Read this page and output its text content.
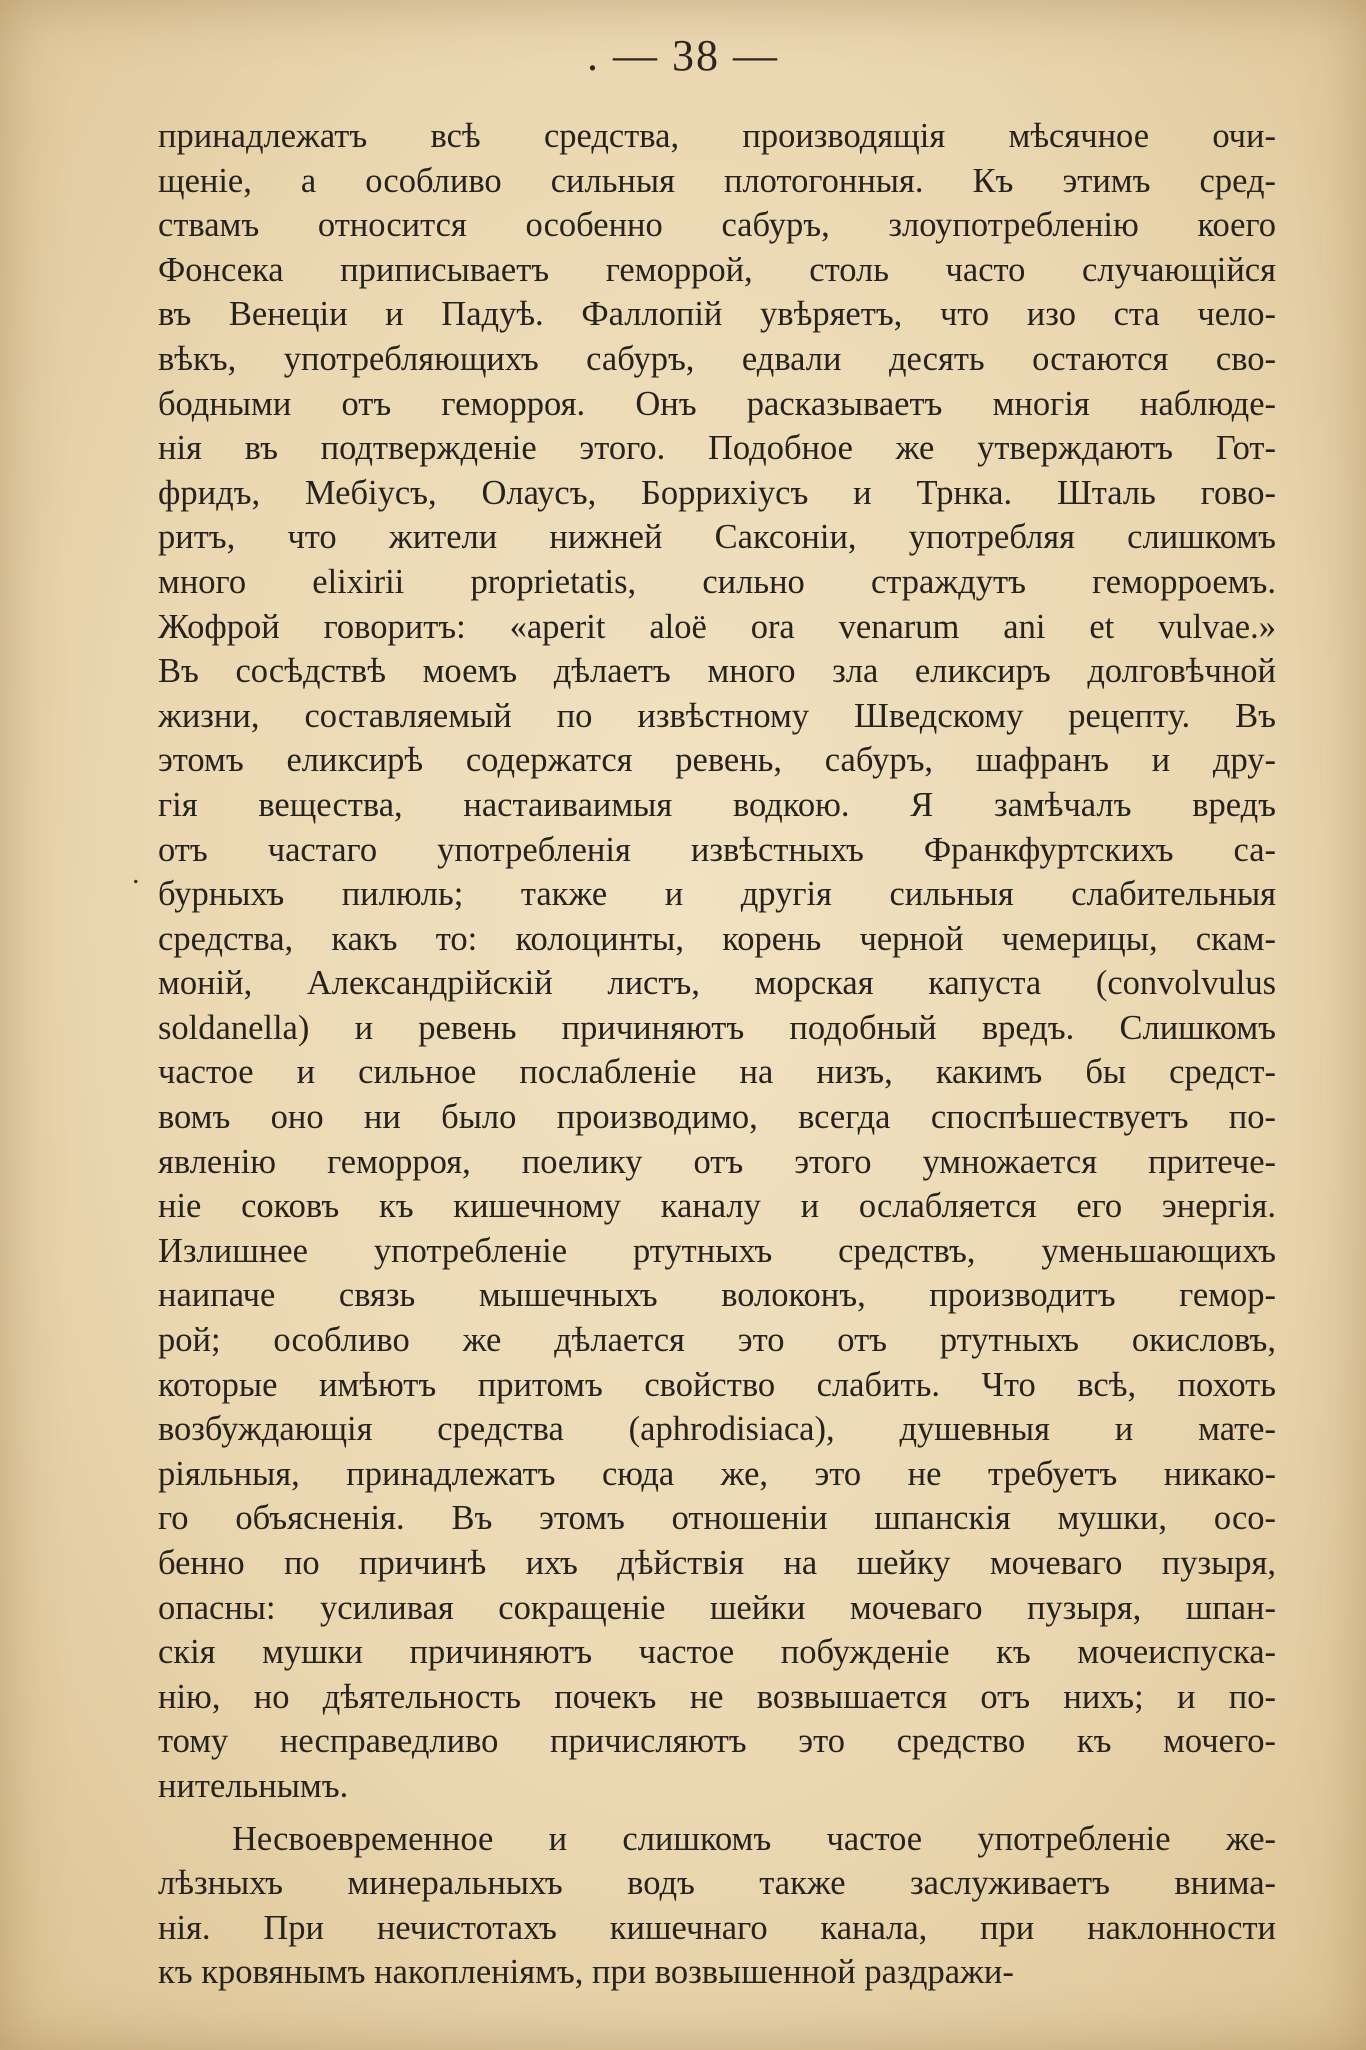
. — 38 —
.
принадлежатъ всѣ средства, производящія мѣсячное очи-
щеніе, а особливо сильныя плотогонныя. Къ этимъ сред-
ствамъ относится особенно сабуръ, злоупотребленію коего
Фонсека приписываетъ геморрой, столь часто случающійся
въ Венеціи и Падуѣ. Фаллопій увѣряетъ, что изо ста чело-
вѣкъ, употребляющихъ сабуръ, едвали десять остаются сво-
бодными отъ геморроя. Онъ расказываетъ многія наблюде-
нія въ подтвержденіе этого. Подобное же утверждаютъ Гот-
фридъ, Мебіусъ, Олаусъ, Боррихіусъ и Трнка. Шталь гово-
ритъ, что жители нижней Саксоніи, употребляя слишкомъ
много elixirii proprietatis, сильно страждутъ геморроемъ.
Жофрой говоритъ: «aperit aloë ora venarum ani et vulvae.»
Въ сосѣдствѣ моемъ дѣлаетъ много зла еликсиръ долговѣчной
жизни, составляемый по извѣстному Шведскому рецепту. Въ
этомъ еликсирѣ содержатся ревень, сабуръ, шафранъ и дру-
гія вещества, настаиваимыя водкою. Я замѣчалъ вредъ
отъ частаго употребленія извѣстныхъ Франкфуртскихъ са-
бурныхъ пилюль; также и другія сильныя слабительныя
средства, какъ то: колоцинты, корень черной чемерицы, скам-
моній, Александрійскій листъ, морская капуста (convolvulus
soldanella) и ревень причиняютъ подобный вредъ. Слишкомъ
частое и сильное послабленіе на низъ, какимъ бы средст-
вомъ оно ни было производимо, всегда споспѣшествуетъ по-
явленію геморроя, поелику отъ этого умножается притече-
ніе соковъ къ кишечному каналу и ослабляется его энергія.
Излишнее употребленіе ртутныхъ средствъ, уменьшающихъ
наипаче связь мышечныхъ волоконъ, производитъ гемор-
рой; особливо же дѣлается это отъ ртутныхъ окисловъ,
которые имѣютъ притомъ свойство слабить. Что всѣ, похоть
возбуждающія средства (aphrodisiaca), душевныя и мате-
ріяльныя, принадлежатъ сюда же, это не требуетъ никако-
го объясненія. Въ этомъ отношеніи шпанскія мушки, осо-
бенно по причинѣ ихъ дѣйствія на шейку мочеваго пузыря,
опасны: усиливая сокращеніе шейки мочеваго пузыря, шпан-
скія мушки причиняютъ частое побужденіе къ мочеиспуска-
нію, но дѣятельность почекъ не возвышается отъ нихъ; и по-
тому несправедливо причисляютъ это средство къ мочего-
нительнымъ.
Несвоевременное и слишкомъ частое употребленіе же-
лѣзныхъ минеральныхъ водъ также заслуживаетъ внима-
нія. При нечистотахъ кишечнаго канала, при наклонности
къ кровянымъ накопленіямъ, при возвышенной раздражи-
